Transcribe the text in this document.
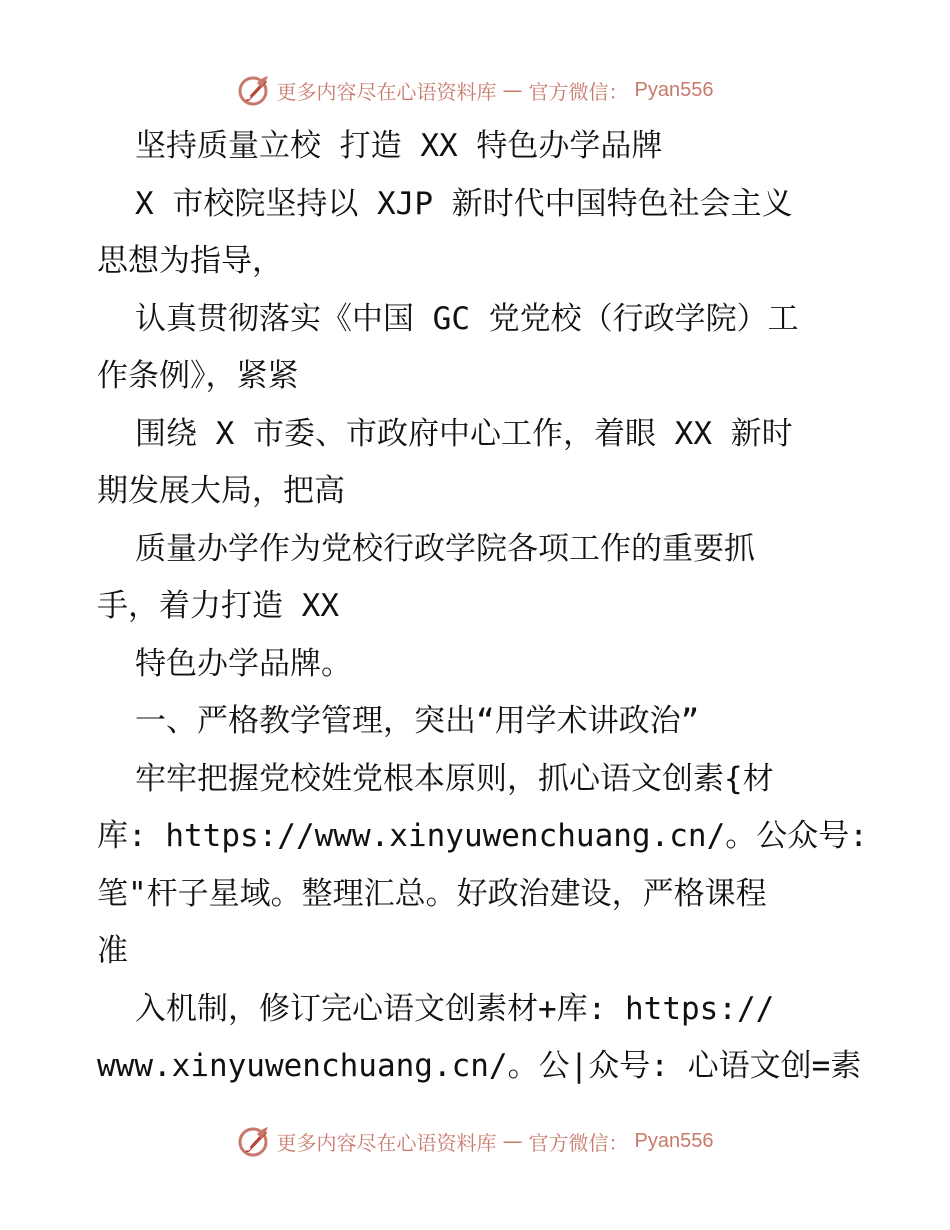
更多内容尽在心语资料库 — 官方微信： Pyan556
坚持质量立校 打造 XX 特色办学品牌
X 市校院坚持以 XJP 新时代中国特色社会主义
思想为指导，
认真贯彻落实《中国 GC 党党校（行政学院）工
作条例》，紧紧
围绕 X 市委、市政府中心工作，着眼 XX 新时
期发展大局，把高
质量办学作为党校行政学院各项工作的重要抓
手，着力打造 XX
特色办学品牌。
一、严格教学管理，突出“用学术讲政治”
牢牢把握党校姓党根本原则，抓心语文创素{材
库: https://www.xinyuwenchuang.cn/。公众号:
笔"杆子星域。整理汇总。好政治建设，严格课程
准
入机制，修订完心语文创素材+库: https://
www.xinyuwenchuang.cn/。公|众号: 心语文创=素
更多内容尽在心语资料库 — 官方微信： Pyan556
